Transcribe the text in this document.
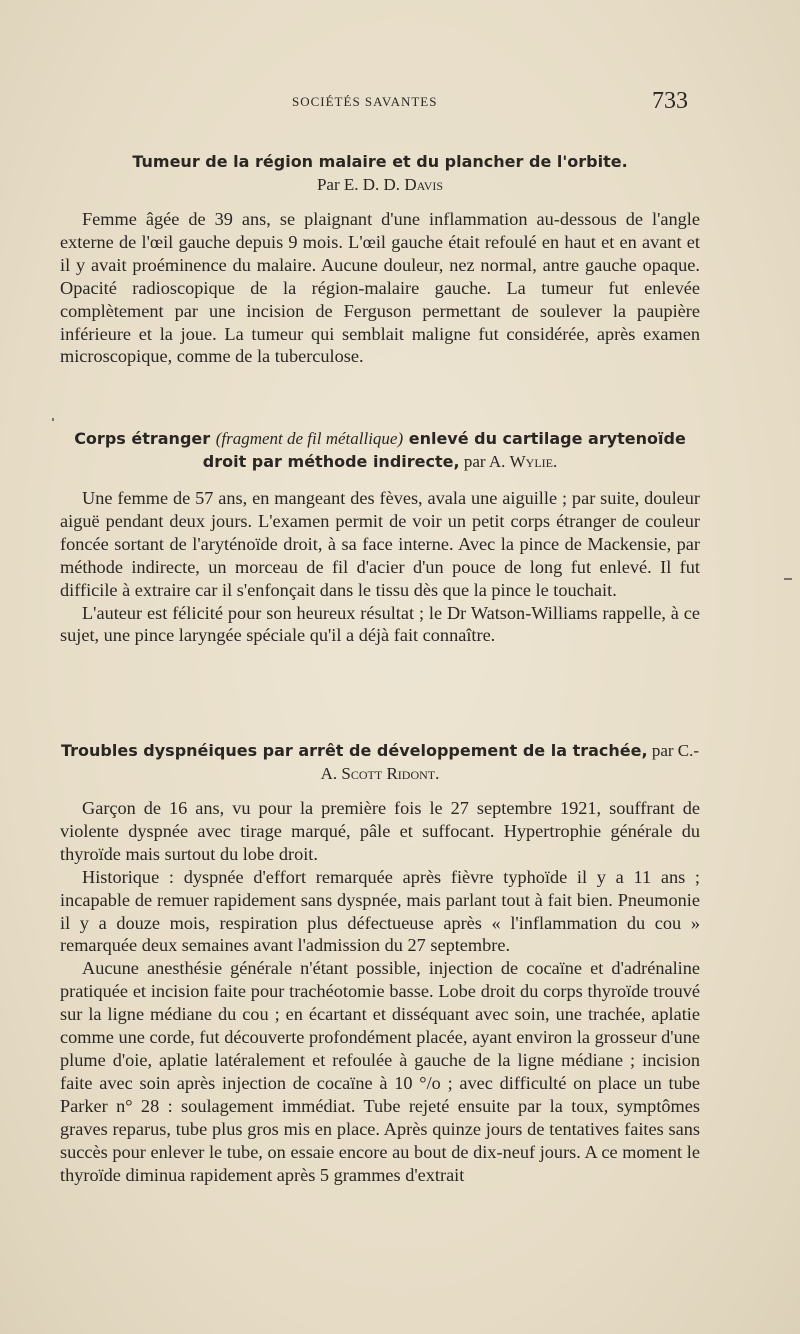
SOCIÉTÉS SAVANTES	733
Tumeur de la région malaire et du plancher de l'orbite.
Par E. D. D. Davis

Femme âgée de 39 ans, se plaignant d'une inflammation au-dessous de l'angle externe de l'œil gauche depuis 9 mois. L'œil gauche était refoulé en haut et en avant et il y avait proéminence du malaire. Aucune douleur, nez normal, antre gauche opaque. Opacité radioscopique de la région-malaire gauche. La tumeur fut enlevée complètement par une incision de Ferguson permettant de soulever la paupière inférieure et la joue. La tumeur qui semblait maligne fut considérée, après examen microscopique, comme de la tuberculose.

Corps étranger (fragment de fil métallique) enlevé du cartilage arytenoïde droit par méthode indirecte, par A. Wylie.

Une femme de 57 ans, en mangeant des fèves, avala une aiguille ; par suite, douleur aiguë pendant deux jours. L'examen permit de voir un petit corps étranger de couleur foncée sortant de l'aryténoïde droit, à sa face interne. Avec la pince de Mackensie, par méthode indirecte, un morceau de fil d'acier d'un pouce de long fut enlevé. Il fut difficile à extraire car il s'enfonçait dans le tissu dès que la pince le touchait.

L'auteur est félicité pour son heureux résultat ; le Dr Watson-Williams rappelle, à ce sujet, une pince laryngée spéciale qu'il a déjà fait connaître.

Troubles dyspnéiques par arrêt de développement de la trachée, par C.-A. Scott Ridont.

Garçon de 16 ans, vu pour la première fois le 27 septembre 1921, souffrant de violente dyspnée avec tirage marqué, pâle et suffocant. Hypertrophie générale du thyroïde mais surtout du lobe droit.

Historique : dyspnée d'effort remarquée après fièvre typhoïde il y a 11 ans ; incapable de remuer rapidement sans dyspnée, mais parlant tout à fait bien. Pneumonie il y a douze mois, respiration plus défectueuse après « l'inflammation du cou » remarquée deux semaines avant l'admission du 27 septembre.

Aucune anesthésie générale n'étant possible, injection de cocaïne et d'adrénaline pratiquée et incision faite pour trachéotomie basse. Lobe droit du corps thyroïde trouvé sur la ligne médiane du cou ; en écartant et disséquant avec soin, une trachée, aplatie comme une corde, fut découverte profondément placée, ayant environ la grosseur d'une plume d'oie, aplatie latéralement et refoulée à gauche de la ligne médiane ; incision faite avec soin après injection de cocaïne à 10 °/o ; avec difficulté on place un tube Parker n° 28 : soulagement immédiat. Tube rejeté ensuite par la toux, symptômes graves reparus, tube plus gros mis en place. Après quinze jours de tentatives faites sans succès pour enlever le tube, on essaie encore au bout de dix-neuf jours. A ce moment le thyroïde diminua rapidement après 5 grammes d'extrait
